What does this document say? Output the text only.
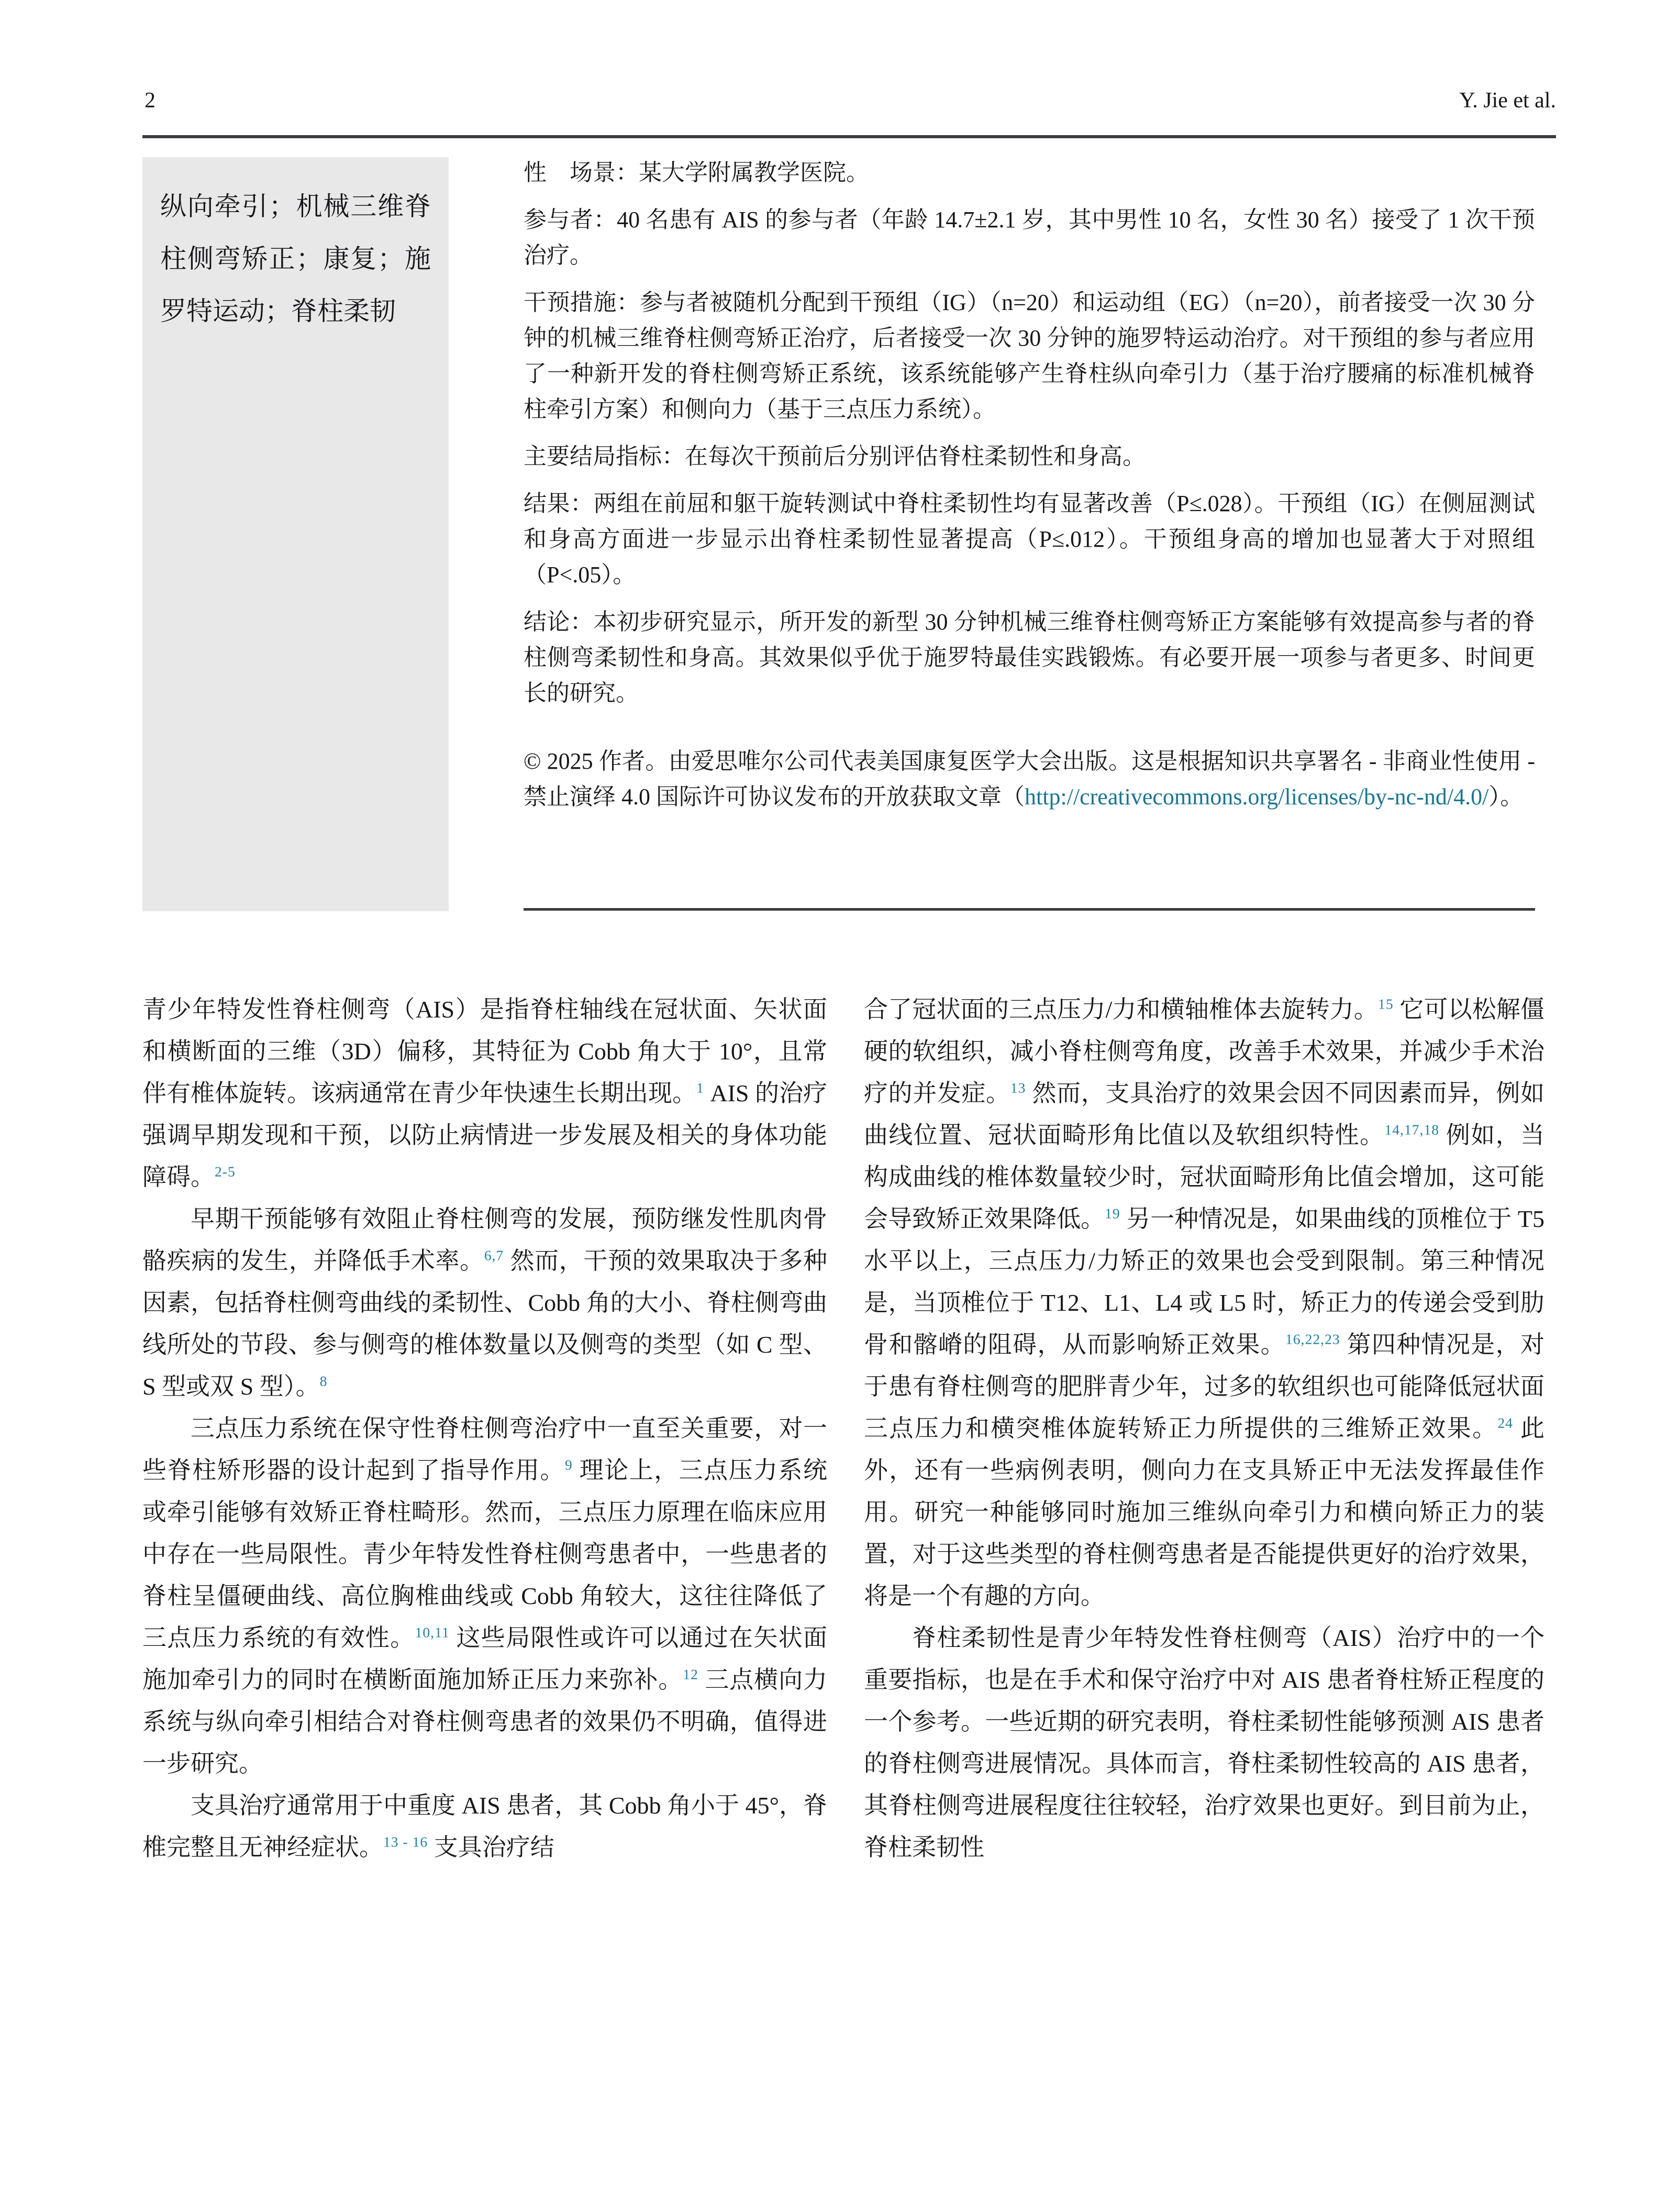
2	Y. Jie et al.
纵向牵引；机械三维脊柱侧弯矫正；康复；施罗特运动；脊柱柔韧

性　场景：某大学附属教学医院。

参与者：40 名患有 AIS 的参与者（年龄 14.7±2.1 岁，其中男性 10 名，女性 30 名）接受了 1 次干预治疗。

干预措施：参与者被随机分配到干预组（IG）（n=20）和运动组（EG）（n=20），前者接受一次 30 分钟的机械三维脊柱侧弯矫正治疗，后者接受一次 30 分钟的施罗特运动治疗。对干预组的参与者应用了一种新开发的脊柱侧弯矫正系统，该系统能够产生脊柱纵向牵引力（基于治疗腰痛的标准机械脊柱牵引方案）和侧向力（基于三点压力系统）。

主要结局指标：在每次干预前后分别评估脊柱柔韧性和身高。

结果：两组在前屈和躯干旋转测试中脊柱柔韧性均有显著改善（P≤.028）。干预组（IG）在侧屈测试和身高方面进一步显示出脊柱柔韧性显著提高（P≤.012）。干预组身高的增加也显著大于对照组（P<.05）。

结论：本初步研究显示，所开发的新型 30 分钟机械三维脊柱侧弯矫正方案能够有效提高参与者的脊柱侧弯柔韧性和身高。其效果似乎优于施罗特最佳实践锻炼。有必要开展一项参与者更多、时间更长的研究。

© 2025 作者。由爱思唯尔公司代表美国康复医学大会出版。这是根据知识共享署名 - 非商业性使用 - 禁止演绎 4.0 国际许可协议发布的开放获取文章（http://creativecommons.org/licenses/by-nc-nd/4.0/）。

青少年特发性脊柱侧弯（AIS）是指脊柱轴线在冠状面、矢状面和横断面的三维（3D）偏移，其特征为 Cobb 角大于 10°，且常伴有椎体旋转。该病通常在青少年快速生长期出现。$^1$ AIS 的治疗强调早期发现和干预，以防止病情进一步发展及相关的身体功能障碍。$^{2-5}$

早期干预能够有效阻止脊柱侧弯的发展，预防继发性肌肉骨骼疾病的发生，并降低手术率。$^{6,7}$ 然而，干预的效果取决于多种因素，包括脊柱侧弯曲线的柔韧性、Cobb 角的大小、脊柱侧弯曲线所处的节段、参与侧弯的椎体数量以及侧弯的类型（如 C 型、S 型或双 S 型）。$^8$

三点压力系统在保守性脊柱侧弯治疗中一直至关重要，对一些脊柱矫形器的设计起到了指导作用。$^9$ 理论上，三点压力系统或牵引能够有效矫正脊柱畸形。然而，三点压力原理在临床应用中存在一些局限性。青少年特发性脊柱侧弯患者中，一些患者的脊柱呈僵硬曲线、高位胸椎曲线或 Cobb 角较大，这往往降低了三点压力系统的有效性。$^{10,11}$ 这些局限性或许可以通过在矢状面施加牵引力的同时在横断面施加矫正压力来弥补。$^{12}$ 三点横向力系统与纵向牵引相结合对脊柱侧弯患者的效果仍不明确，值得进一步研究。

支具治疗通常用于中重度 AIS 患者，其 Cobb 角小于 45°，脊椎完整且无神经症状。$^{13 - 16}$ 支具治疗结

合了冠状面的三点压力/力和横轴椎体去旋转力。$^{15}$ 它可以松解僵硬的软组织，减小脊柱侧弯角度，改善手术效果，并减少手术治疗的并发症。$^{13}$ 然而，支具治疗的效果会因不同因素而异，例如曲线位置、冠状面畸形角比值以及软组织特性。$^{14,17,18}$ 例如，当构成曲线的椎体数量较少时，冠状面畸形角比值会增加，这可能会导致矫正效果降低。$^{19}$ 另一种情况是，如果曲线的顶椎位于 T5 水平以上，三点压力/力矫正的效果也会受到限制。第三种情况是，当顶椎位于 T12、L1、L4 或 L5 时，矫正力的传递会受到肋骨和髂嵴的阻碍，从而影响矫正效果。$^{16,22,23}$ 第四种情况是，对于患有脊柱侧弯的肥胖青少年，过多的软组织也可能降低冠状面三点压力和横突椎体旋转矫正力所提供的三维矫正效果。$^{24}$ 此外，还有一些病例表明，侧向力在支具矫正中无法发挥最佳作用。研究一种能够同时施加三维纵向牵引力和横向矫正力的装置，对于这些类型的脊柱侧弯患者是否能提供更好的治疗效果，将是一个有趣的方向。

脊柱柔韧性是青少年特发性脊柱侧弯（AIS）治疗中的一个重要指标，也是在手术和保守治疗中对 AIS 患者脊柱矫正程度的一个参考。一些近期的研究表明，脊柱柔韧性能够预测 AIS 患者的脊柱侧弯进展情况。具体而言，脊柱柔韧性较高的 AIS 患者，其脊柱侧弯进展程度往往较轻，治疗效果也更好。到目前为止，脊柱柔韧性
